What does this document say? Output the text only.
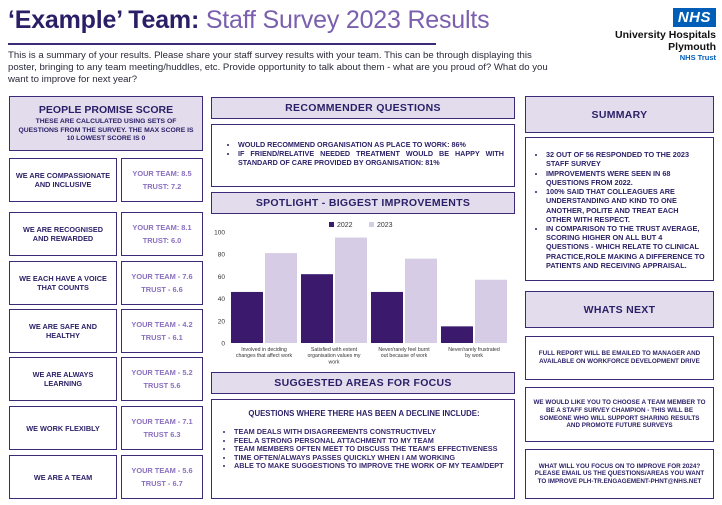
‘Example’ Team: Staff Survey 2023 Results
This is a summary of your results. Please share your staff survey results with your team. This can be through displaying this poster, bringing to any team meeting/huddles, etc. Provide opportunity to talk about them - what are you proud of? What do you want to improve for next year?
NHS
University Hospitals
Plymouth
NHS Trust
PEOPLE PROMISE SCORE
THESE ARE CALCULATED USING SETS OF QUESTIONS FROM THE SURVEY. THE MAX SCORE IS 10 LOWEST SCORE IS 0
WE ARE COMPASSIONATE AND INCLUSIVE
YOUR TEAM: 8.5
TRUST: 7.2
WE ARE RECOGNISED AND REWARDED
YOUR TEAM: 8.1
TRUST: 6.0
WE EACH HAVE A VOICE THAT COUNTS
YOUR TEAM - 7.6
TRUST - 6.6
WE ARE SAFE AND HEALTHY
YOUR TEAM - 4.2
TRUST - 6.1
WE ARE ALWAYS LEARNING
YOUR TEAM - 5.2
TRUST 5.6
WE WORK FLEXIBLY
YOUR TEAM - 7.1
TRUST 6.3
WE ARE A TEAM
YOUR TEAM - 5.6
TRUST - 6.7
RECOMMENDER QUESTIONS
• WOULD RECOMMEND ORGANISATION AS PLACE TO WORK: 86%
• IF FRIEND/RELATIVE NEEDED TREATMENT WOULD BE HAPPY WITH STANDARD OF CARE PROVIDED BY ORGANISATION: 81%
SPOTLIGHT - BIGGEST IMPROVEMENTS
0
20
40
60
80
100
2022	2023
Involved in deciding changes that affect work
Satisfied with extent organisation values my work
Never/rarely feel burnt out because of work
Never/rarely frustrated by work
SUGGESTED AREAS FOR FOCUS
QUESTIONS WHERE THERE HAS BEEN A DECLINE INCLUDE:
• TEAM DEALS WITH DISAGREEMENTS CONSTRUCTIVELY
• FEEL A STRONG PERSONAL ATTACHMENT TO MY TEAM
• TEAM MEMBERS OFTEN MEET TO DISCUSS THE TEAM'S EFFECTIVENESS
• TIME OFTEN/ALWAYS PASSES QUICKLY WHEN I AM WORKING
• ABLE TO MAKE SUGGESTIONS TO IMPROVE THE WORK OF MY TEAM/DEPT
SUMMARY
• 32 OUT OF 56 RESPONDED TO THE 2023 STAFF SURVEY
• IMPROVEMENTS WERE SEEN IN 68 QUESTIONS FROM 2022.
• 100% SAID THAT COLLEAGUES ARE UNDERSTANDING AND KIND TO ONE ANOTHER, POLITE AND TREAT EACH OTHER WITH RESPECT.
• IN COMPARISON TO THE TRUST AVERAGE, SCORING HIGHER ON ALL BUT 4 QUESTIONS - WHICH RELATE TO CLINICAL PRACTICE,ROLE MAKING A DIFFERENCE TO PATIENTS AND RECEIVING APPRAISAL.
WHATS NEXT
FULL REPORT WILL BE EMAILED TO MANAGER AND AVAILABLE ON WORKFORCE DEVELOPMENT DRIVE
WE WOULD LIKE YOU TO CHOOSE A TEAM MEMBER TO BE A STAFF SURVEY CHAMPION - THIS WILL BE SOMEONE WHO WILL SUPPORT SHARING RESULTS AND PROMOTE FUTURE SURVEYS
WHAT WILL YOU FOCUS ON TO IMPROVE FOR 2024? PLEASE EMAIL US THE QUESTIONS/AREAS YOU WANT TO IMPROVE PLH-TR.ENGAGEMENT-PHNT@NHS.NET
